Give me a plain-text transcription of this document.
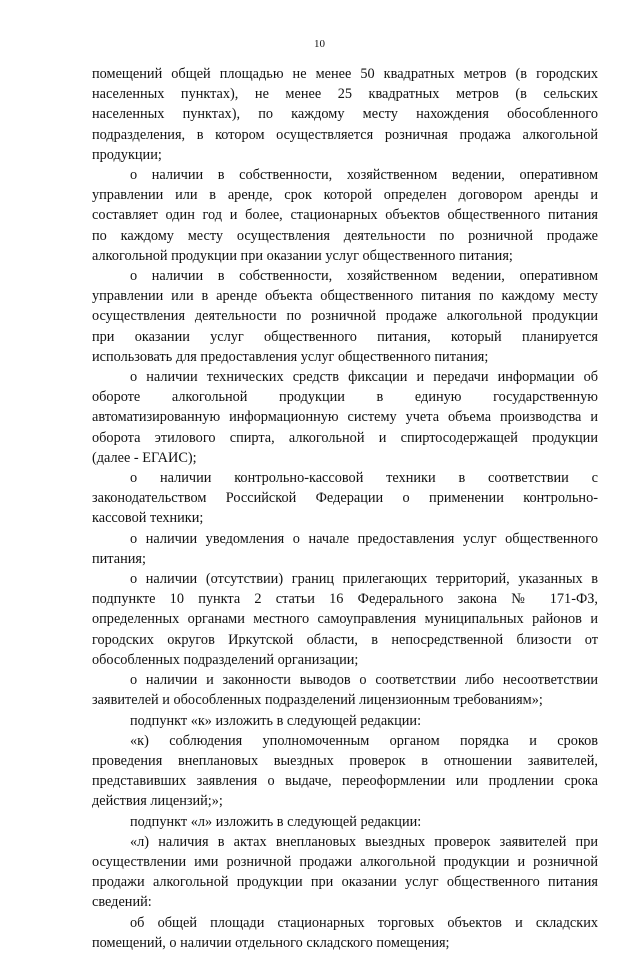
10
помещений общей площадью не менее 50 квадратных метров (в городских
населенных пунктах), не менее 25 квадратных метров (в сельских
населенных пунктах), по каждому месту нахождения обособленного
подразделения, в котором осуществляется розничная продажа алкогольной
продукции;
о наличии в собственности, хозяйственном ведении, оперативном
управлении или в аренде, срок которой определен договором аренды и
составляет один год и более, стационарных объектов общественного питания
по каждому месту осуществления деятельности по розничной продаже
алкогольной продукции при оказании услуг общественного питания;
о наличии в собственности, хозяйственном ведении, оперативном
управлении или в аренде объекта общественного питания по каждому месту
осуществления деятельности по розничной продаже алкогольной продукции
при оказании услуг общественного питания, который планируется
использовать для предоставления услуг общественного питания;
о наличии технических средств фиксации и передачи информации об
обороте алкогольной продукции в единую государственную
автоматизированную информационную систему учета объема производства и
оборота этилового спирта, алкогольной и спиртосодержащей продукции
(далее - ЕГАИС);
о наличии контрольно-кассовой техники в соответствии с
законодательством Российской Федерации о применении контрольно-
кассовой техники;
о наличии уведомления о начале предоставления услуг общественного
питания;
о наличии (отсутствии) границ прилегающих территорий, указанных в
подпункте 10 пункта 2 статьи 16 Федерального закона № 171-ФЗ,
определенных органами местного самоуправления муниципальных районов и
городских округов Иркутской области, в непосредственной близости от
обособленных подразделений организации;
о наличии и законности выводов о соответствии либо несоответствии
заявителей и обособленных подразделений лицензионным требованиям»;
подпункт «к» изложить в следующей редакции:
«к) соблюдения уполномоченным органом порядка и сроков
проведения внеплановых выездных проверок в отношении заявителей,
представивших заявления о выдаче, переоформлении или продлении срока
действия лицензий;»;
подпункт «л» изложить в следующей редакции:
«л) наличия в актах внеплановых выездных проверок заявителей при
осуществлении ими розничной продажи алкогольной продукции и розничной
продажи алкогольной продукции при оказании услуг общественного питания
сведений:
об общей площади стационарных торговых объектов и складских
помещений, о наличии отдельного складского помещения;
